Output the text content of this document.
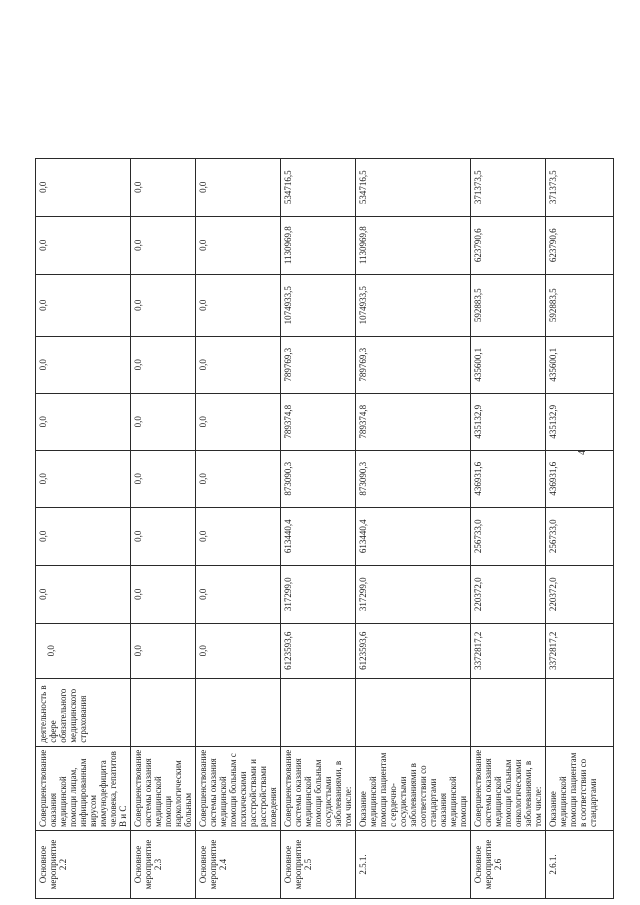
4
Основное мероприятие 2.2	Совершенствование оказания медицинской помощи лицам, инфицированным вирусом иммунодефицита человека, гепатитов B и C	деятельность в сфере обязательного медицинского страхования	0,0	0,0	0,0	0,0	0,0	0,0	0,0	0,0	0,0
Основное мероприятие 2.3	Совершенствование системы оказания медицинской помощи наркологическим больным		0,0	0,0	0,0	0,0	0,0	0,0	0,0	0,0	0,0
Основное мероприятие 2.4	Совершенствование системы оказания медицинской помощи больным с психическими расстройствами и расстройствами поведения		0,0	0,0	0,0	0,0	0,0	0,0	0,0	0,0	0,0
Основное мероприятие 2.5	Совершенствование системы оказания медицинской помощи больным сосудистыми заболеваниями, в том числе:		6123593,6	317299,0	613440,4	873090,3	789374,8	789769,3	1074933,5	1130969,8	534716,5
2.5.1.	Оказание медицинской помощи пациентам с сердечно-сосудистыми заболеваниями в соответствии со стандартами оказания медицинской помощи		6123593,6	317299,0	613440,4	873090,3	789374,8	789769,3	1074933,5	1130969,8	534716,5
Основное мероприятие 2.6	Совершенствование системы оказания медицинской помощи больным онкологическими заболеваниями, в том числе:		3372817,2	220372,0	256733,0	436931,6	435132,9	435600,1	592883,5	623790,6	371373,5
2.6.1.	Оказание медицинской помощи пациентам в соответствии со стандартами		3372817,2	220372,0	256733,0	436931,6	435132,9	435600,1	592883,5	623790,6	371373,5
